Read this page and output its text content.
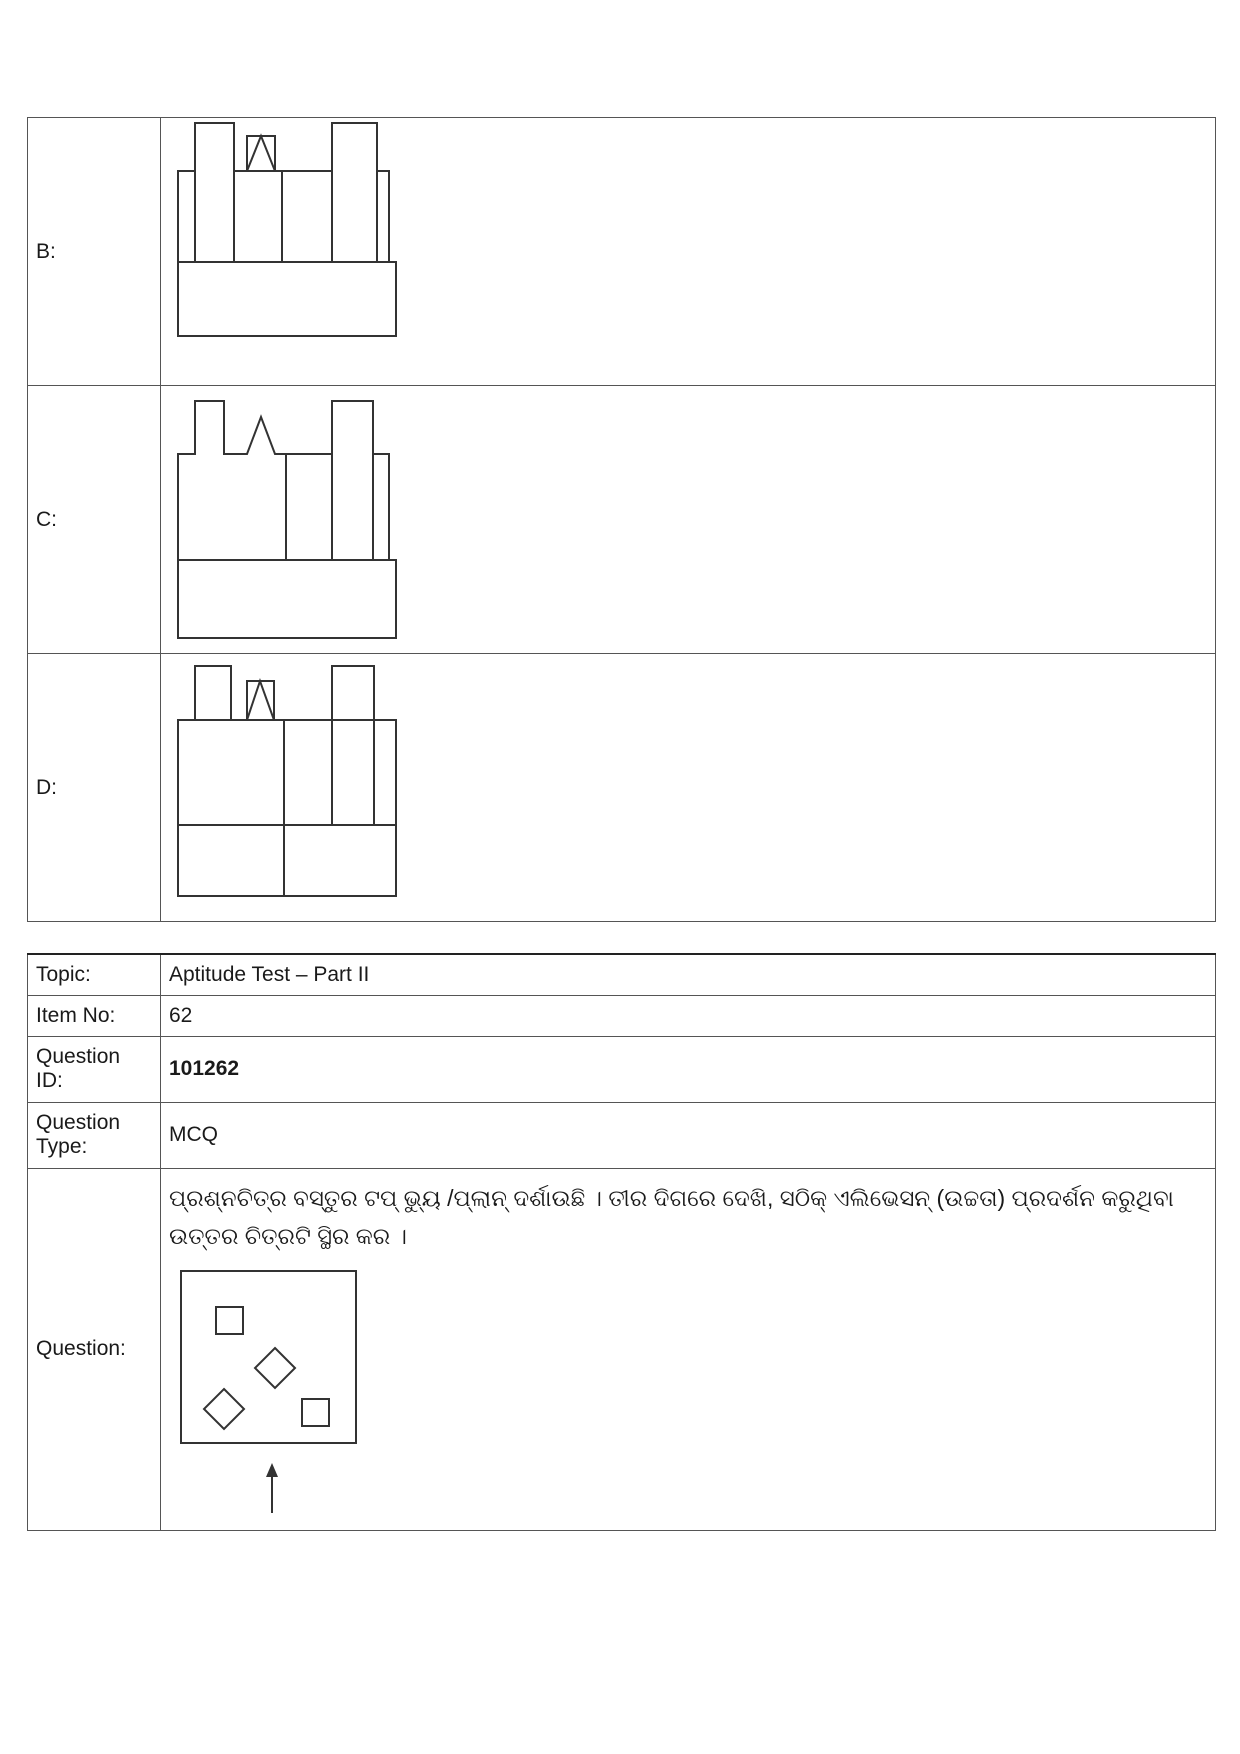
B:	

C:	

D:	
Topic:	Aptitude Test – Part II
Item No:	62
Question ID:	101262
Question Type:	MCQ
Question:	ପ୍ରଶ୍ନଚିତ୍ର ବସ୍ତୁର ଟପ୍ ଭ୍ୟୁ /ପ୍ଲାନ୍ ଦର୍ଶାଉଛି । ତୀର ଦିଗରେ ଦେଖି, ସଠିକ୍ ଏଲିଭେସନ୍ (ଉଚ୍ଚତା) ପ୍ରଦର୍ଶନ କରୁଥିବା ଉତ୍ତର ଚିତ୍ରଟି ସ୍ଥିର କର ।
